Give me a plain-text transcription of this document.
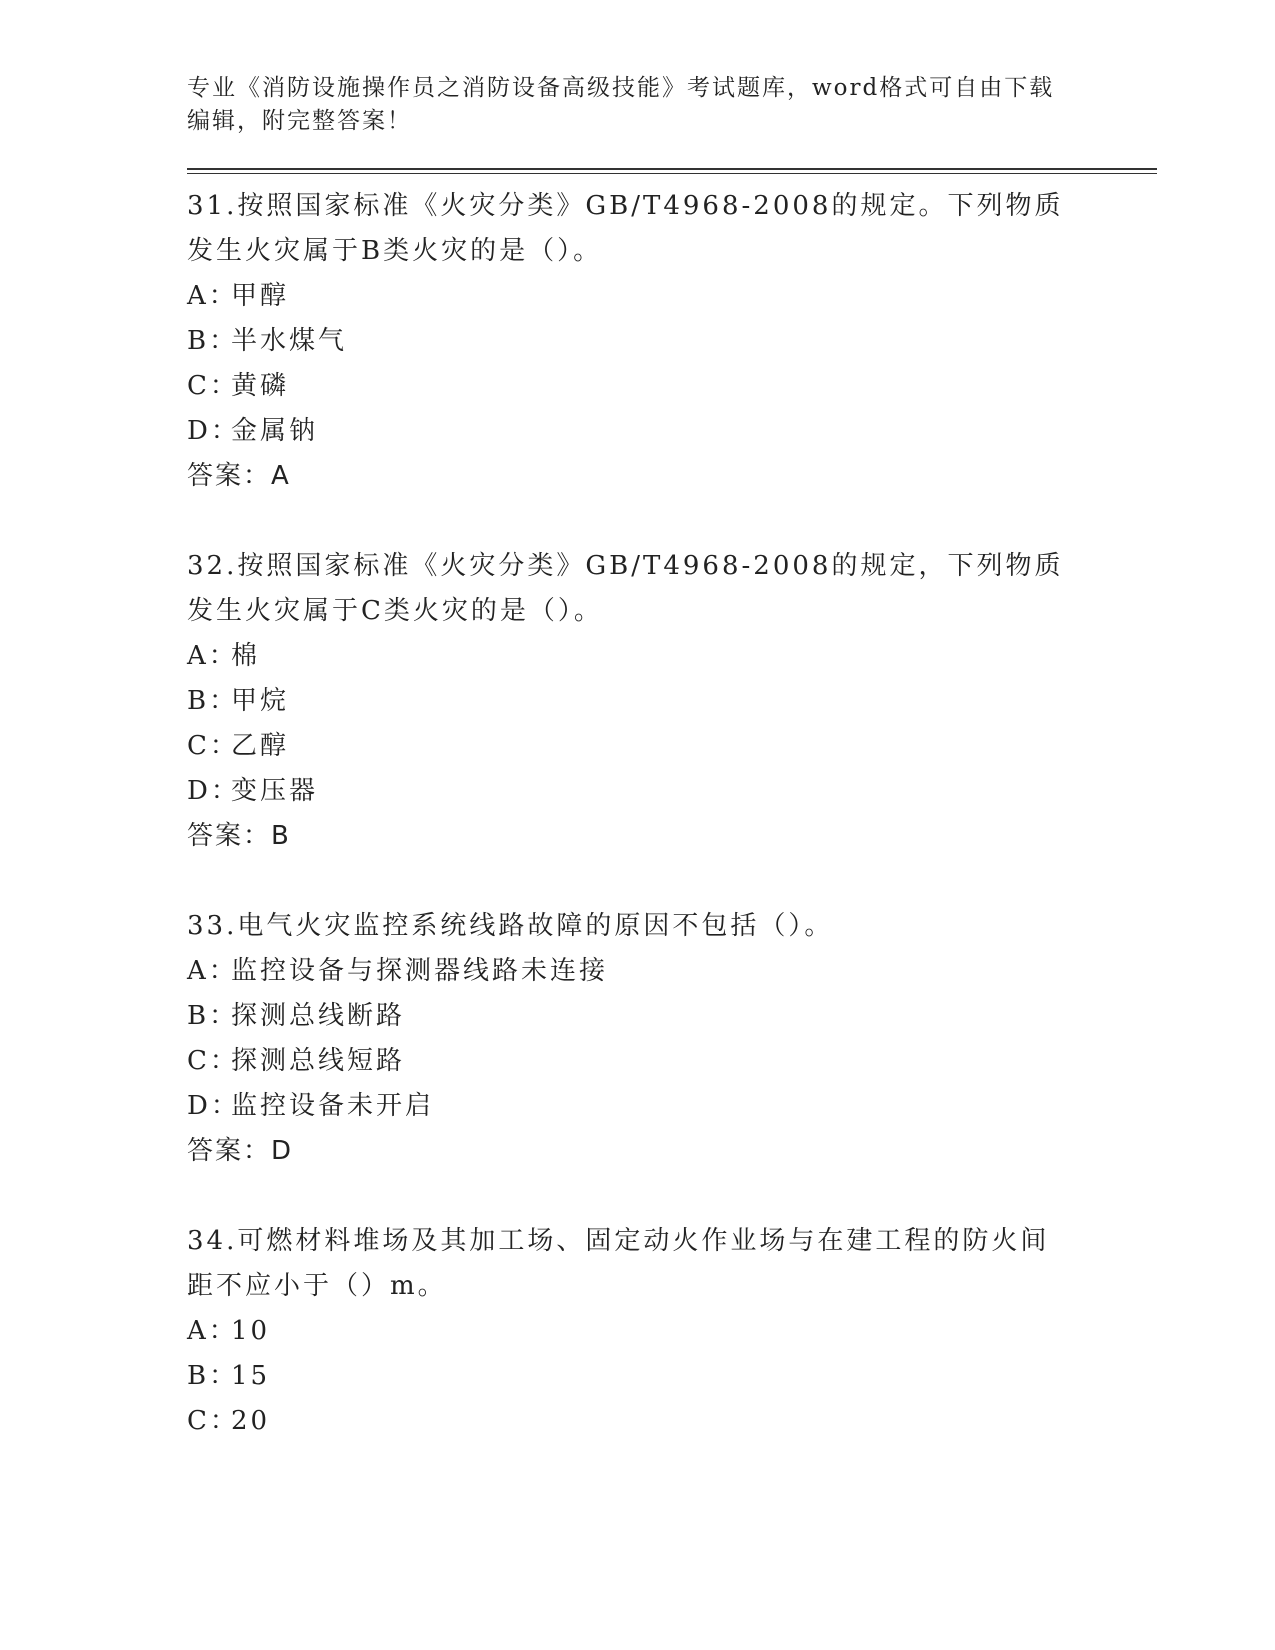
专业《消防设施操作员之消防设备高级技能》考试题库，word格式可自由下载编辑，附完整答案！

31.按照国家标准《火灾分类》GB/T4968-2008的规定。下列物质发生火灾属于B类火灾的是（）。

A：
甲醇

B：
半水煤气

C：
黄磷

D：
金属钠

答案：A

32.按照国家标准《火灾分类》GB/T4968-2008的规定，下列物质发生火灾属于C类火灾的是（）。

A：
棉

B：
甲烷

C：
乙醇

D：
变压器

答案：B

33.电气火灾监控系统线路故障的原因不包括（）。

A：
监控设备与探测器线路未连接

B：
探测总线断路

C：
探测总线短路

D：
监控设备未开启

答案：D

34.可燃材料堆场及其加工场、固定动火作业场与在建工程的防火间距不应小于（）m。

A：
10

B：
15

C：
20
